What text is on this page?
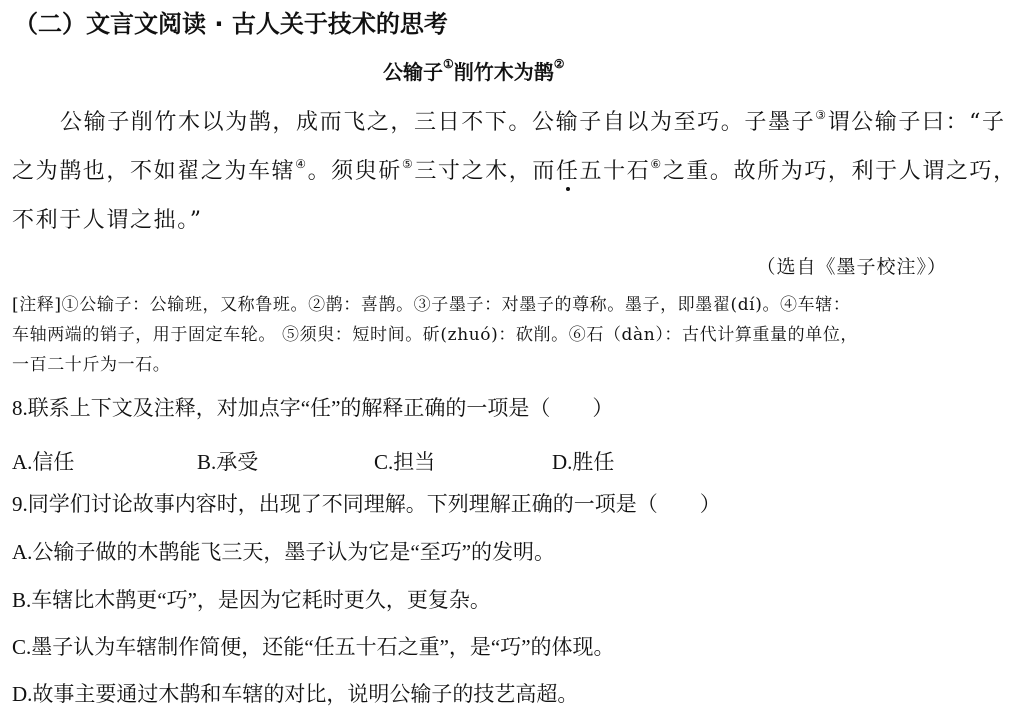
（二）文言文阅读 · 古人关于技术的思考
公输子①削竹木为鹊②
公输子削竹木以为鹊，成而飞之，三日不下。公输子自以为至巧。子墨子③谓公输子曰：“子
之为鹊也，不如翟之为车辖④。须臾斫⑤三寸之木，而任五十石⑥之重。故所为巧，利于人谓之巧，
不利于人谓之拙。”
（选自《墨子校注》）
[注释]①公输子：公输班，又称鲁班。②鹊：喜鹊。③子墨子：对墨子的尊称。墨子，即墨翟(dí)。④车辖：
车轴两端的销子，用于固定车轮。 ⑤须臾：短时间。斫(zhuó)：砍削。⑥石（dàn）：古代计算重量的单位，
一百二十斤为一石。
8.联系上下文及注释，对加点字“任”的解释正确的一项是（　　）
A.信任	B.承受	C.担当	D.胜任
9.同学们讨论故事内容时，出现了不同理解。下列理解正确的一项是（　　）
A.公输子做的木鹊能飞三天，墨子认为它是“至巧”的发明。
B.车辖比木鹊更“巧”，是因为它耗时更久，更复杂。
C.墨子认为车辖制作简便，还能“任五十石之重”，是“巧”的体现。
D.故事主要通过木鹊和车辖的对比，说明公输子的技艺高超。
